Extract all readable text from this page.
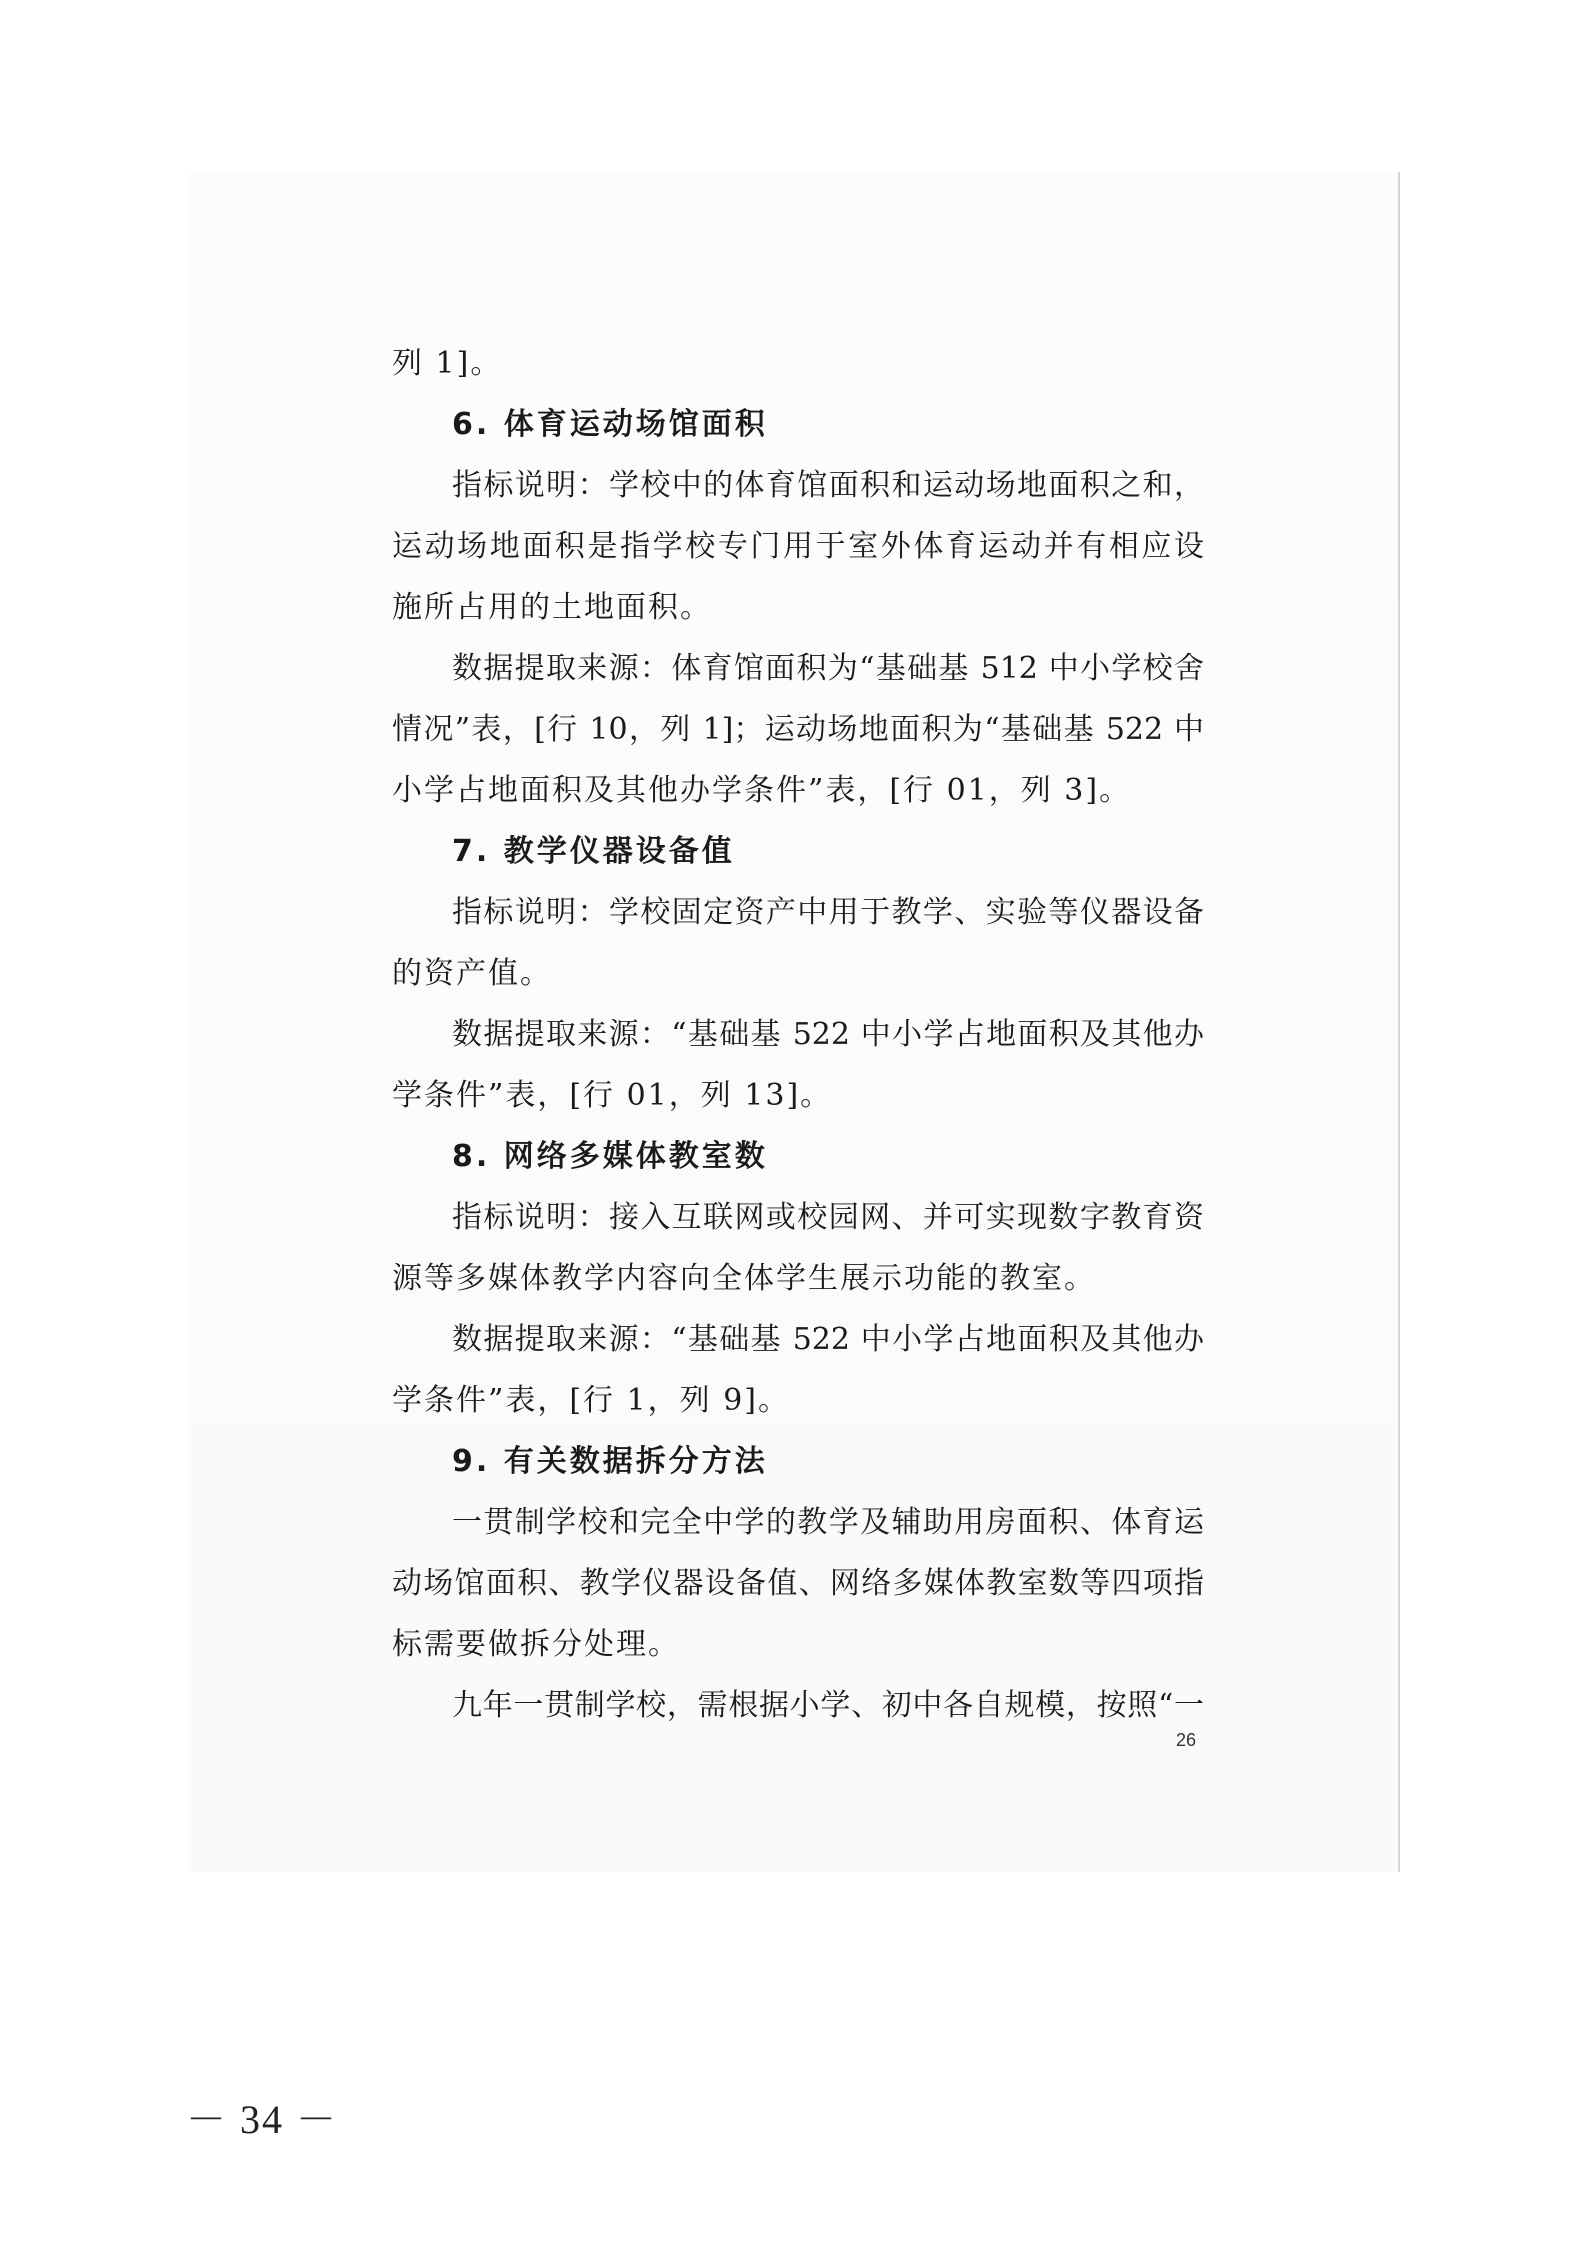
列 1]。
6. 体育运动场馆面积
指标说明：学校中的体育馆面积和运动场地面积之和，
运动场地面积是指学校专门用于室外体育运动并有相应设
施所占用的土地面积。
数据提取来源：体育馆面积为“基础基 512 中小学校舍
情况”表，[行 10，列 1]；运动场地面积为“基础基 522 中
小学占地面积及其他办学条件”表，[行 01，列 3]。
7. 教学仪器设备值
指标说明：学校固定资产中用于教学、实验等仪器设备
的资产值。
数据提取来源：“基础基 522 中小学占地面积及其他办
学条件”表，[行 01，列 13]。
8. 网络多媒体教室数
指标说明：接入互联网或校园网、并可实现数字教育资
源等多媒体教学内容向全体学生展示功能的教室。
数据提取来源：“基础基 522 中小学占地面积及其他办
学条件”表，[行 1，列 9]。
9. 有关数据拆分方法
一贯制学校和完全中学的教学及辅助用房面积、体育运
动场馆面积、教学仪器设备值、网络多媒体教室数等四项指
标需要做拆分处理。
九年一贯制学校，需根据小学、初中各自规模，按照“一
26
－ 34 －
